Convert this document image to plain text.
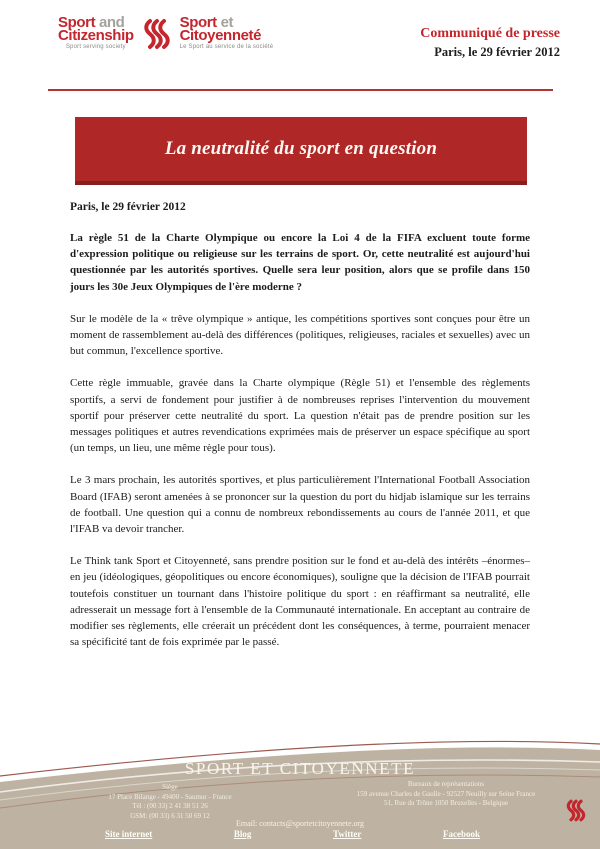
Sport and
Citizenship
Sport serving society
Sport et
Citoyenneté
Le Sport au service de la société
Communiqué de presse
Paris, le 29 février 2012
La neutralité du sport en question
Paris, le 29 février 2012
La règle 51 de la Charte Olympique ou encore la Loi 4 de la FIFA excluent toute forme d'expression politique ou religieuse sur les terrains de sport. Or, cette neutralité est aujourd'hui questionnée par les autorités sportives. Quelle sera leur position, alors que se profile dans 150 jours les 30e Jeux Olympiques de l'ère moderne ?
Sur le modèle de la « trêve olympique » antique, les compétitions sportives sont conçues pour être un moment de rassemblement au-delà des différences (politiques, religieuses, raciales et sexuelles) avec un but commun, l'excellence sportive.
Cette règle immuable, gravée dans la Charte olympique (Règle 51) et l'ensemble des règlements sportifs, a servi de fondement pour justifier à de nombreuses reprises l'intervention du mouvement sportif pour préserver cette neutralité du sport. La question n'était pas de prendre position sur les messages politiques et autres revendications exprimées mais de préserver un espace spécifique au sport (un temps, un lieu, une même règle pour tous).
Le 3 mars prochain, les autorités sportives, et plus particulièrement l'International Football Association Board (IFAB) seront amenées à se prononcer sur la question du port du hidjab islamique sur les terrains de football. Une question qui a connu de nombreux rebondissements au cours de l'année 2011, et que l'IFAB va devoir trancher.
Le Think tank Sport et Citoyenneté, sans prendre position sur le fond et au-delà des intérêts –énormes– en jeu (idéologiques, géopolitiques ou encore économiques), souligne que la décision de l'IFAB pourrait toutefois constituer un tournant dans l'histoire politique du sport : en réaffirmant sa neutralité, elle adresserait un message fort à l'ensemble de la Communauté internationale. En acceptant au contraire de modifier ses règlements, elle créerait un précédent dont les conséquences, à terme, pourraient menacer sa spécificité tant de fois exprimée par le passé.
SPORT ET CITOYENNETE
Siège
17 Place Bilange - 49400 - Saumur - France
Tél : (00 33) 2 41 38 51 26
GSM: (00 33) 6 31 50 69 12
Bureaux de représentations
159 avenue Charles de Gaulle - 92527 Neuilly sur Seine France
51, Rue du Trône 1050 Bruxelles - Belgique
Email: contacts@sportetcitoyennete.org
Site internet	Blog	Twitter	Facebook
